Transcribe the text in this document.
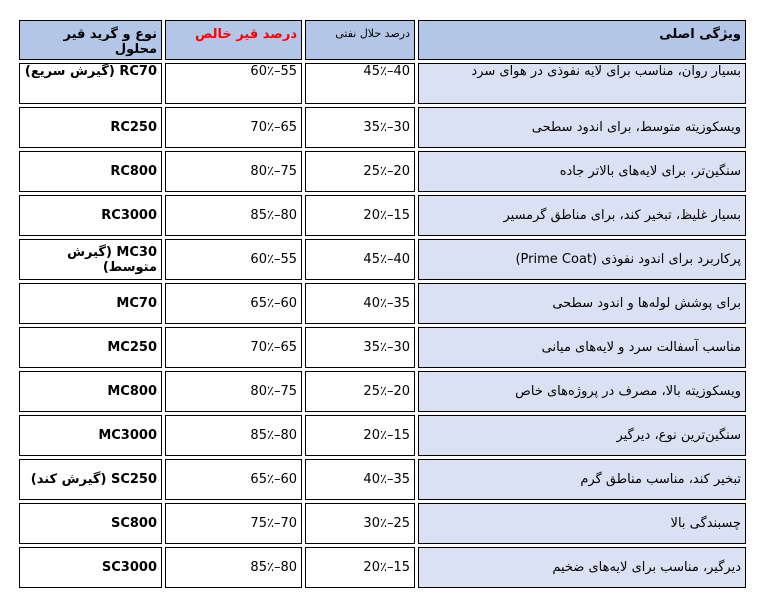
نوع و گرید قیر محلول	درصد قیر خالص	درصد حلال نفتی	ویژگی اصلی
RC70 (گیرش سریع)	55–60٪	40–45٪	بسیار روان، مناسب برای لایه نفوذی در هوای سرد
RC250	65–70٪	30–35٪	ویسکوزیته متوسط، برای اندود سطحی
RC800	75–80٪	20–25٪	سنگین‌تر، برای لایه‌های بالاتر جاده
RC3000	80–85٪	15–20٪	بسیار غلیظ، تبخیر کند، برای مناطق گرمسیر
MC30 (گیرش متوسط)	55–60٪	40–45٪	پرکاربرد برای اندود نفوذی (Prime Coat)
MC70	60–65٪	35–40٪	برای پوشش لوله‌ها و اندود سطحی
MC250	65–70٪	30–35٪	مناسب آسفالت سرد و لایه‌های میانی
MC800	75–80٪	20–25٪	ویسکوزیته بالا، مصرف در پروژه‌های خاص
MC3000	80–85٪	15–20٪	سنگین‌ترین نوع، دیرگیر
SC250 (گیرش کند)	60–65٪	35–40٪	تبخیر کند، مناسب مناطق گرم
SC800	70–75٪	25–30٪	چسبندگی بالا
SC3000	80–85٪	15–20٪	دیرگیر، مناسب برای لایه‌های ضخیم
